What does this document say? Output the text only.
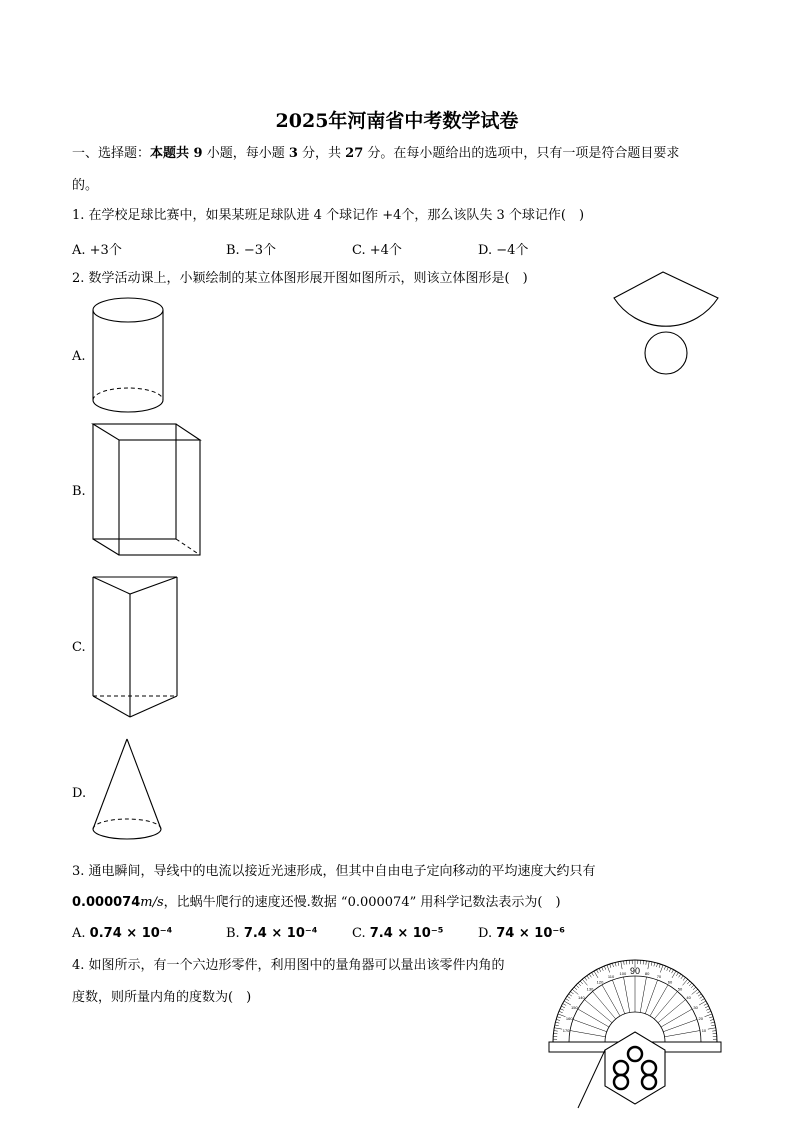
2025年河南省中考数学试卷
一、选择题：本题共 9 小题，每小题 3 分，共 27 分。在每小题给出的选项中，只有一项是符合题目要求
的。
1. 在学校足球比赛中，如果某班足球队进 4 个球记作 +4个，那么该队失 3 个球记作(　)
A. +3个	B. −3个	C. +4个	D. −4个
2. 数学活动课上，小颖绘制的某立体图形展开图如图所示，则该立体图形是(　)
A.
B.
C.
D.
3. 通电瞬间，导线中的电流以接近光速形成，但其中自由电子定向移动的平均速度大约只有
0.000074m/s，比蜗牛爬行的速度还慢.数据 “0.000074” 用科学记数法表示为(　)
A. 0.74 × 10⁻⁴	B. 7.4 × 10⁻⁴	C. 7.4 × 10⁻⁵	D. 74 × 10⁻⁶
4. 如图所示，有一个六边形零件，利用图中的量角器可以量出该零件内角的
度数，则所量内角的度数为(　)
10
20
30
40
50
60
70
80
100
110
120
130
140
150
160
170
90
